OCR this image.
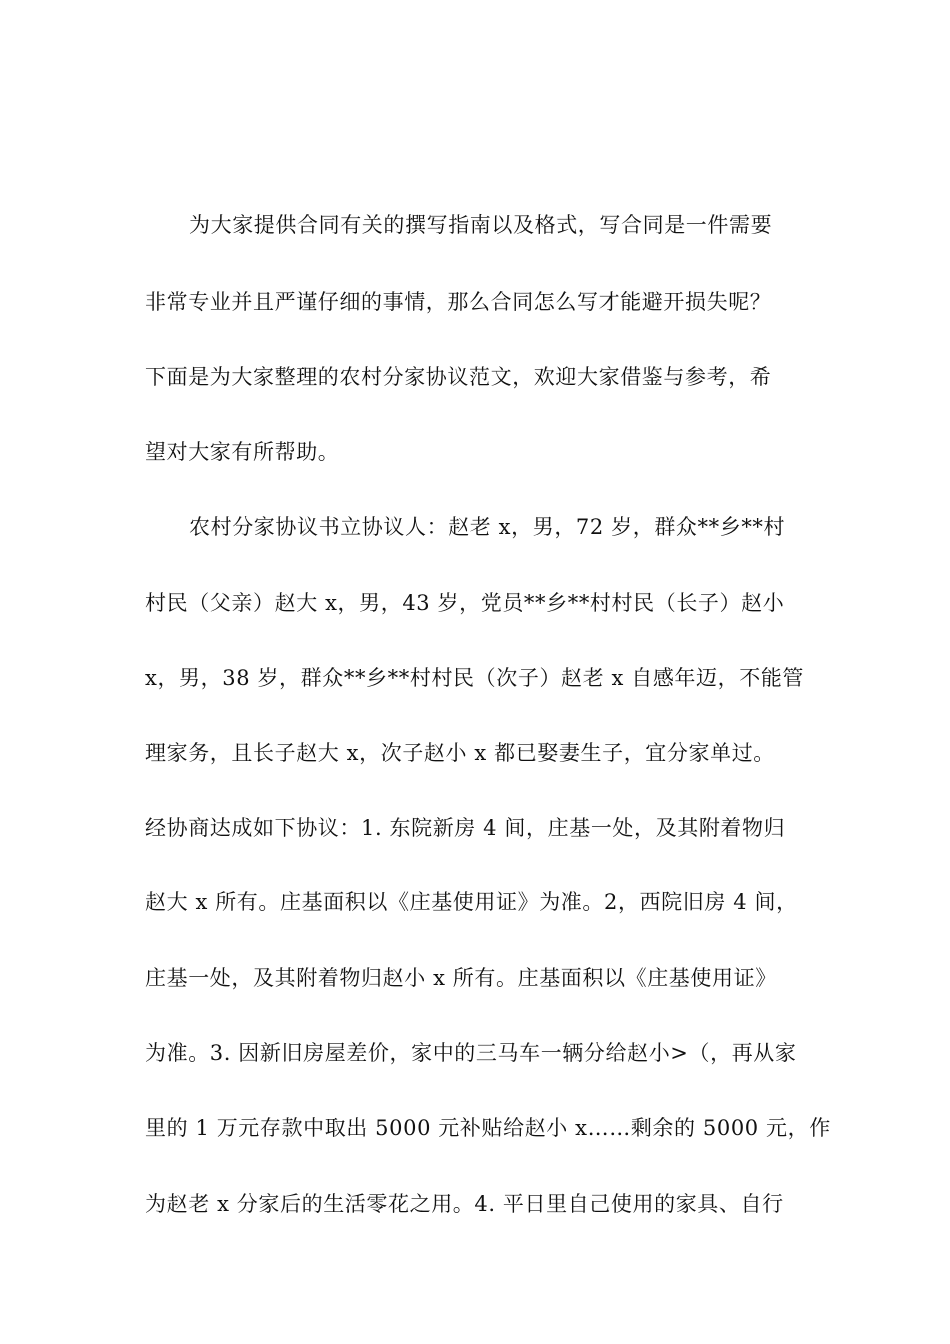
为大家提供合同有关的撰写指南以及格式，写合同是一件需要
非常专业并且严谨仔细的事情，那么合同怎么写才能避开损失呢？
下面是为大家整理的农村分家协议范文，欢迎大家借鉴与参考，希
望对大家有所帮助。
农村分家协议书立协议人：赵老 x，男，72 岁，群众**乡**村
村民（父亲）赵大 x，男，43 岁，党员**乡**村村民（长子）赵小
x，男，38 岁，群众**乡**村村民（次子）赵老 x 自感年迈，不能管
理家务，且长子赵大 x，次子赵小 x 都已娶妻生子，宜分家单过。
经协商达成如下协议：1. 东院新房 4 间，庄基一处，及其附着物归
赵大 x 所有。庄基面积以《庄基使用证》为准。2，西院旧房 4 间，
庄基一处，及其附着物归赵小 x 所有。庄基面积以《庄基使用证》
为准。3. 因新旧房屋差价，家中的三马车一辆分给赵小>（，再从家
里的 1 万元存款中取出 5000 元补贴给赵小 x……剩余的 5000 元，作
为赵老 x 分家后的生活零花之用。4. 平日里自己使用的家具、自行
